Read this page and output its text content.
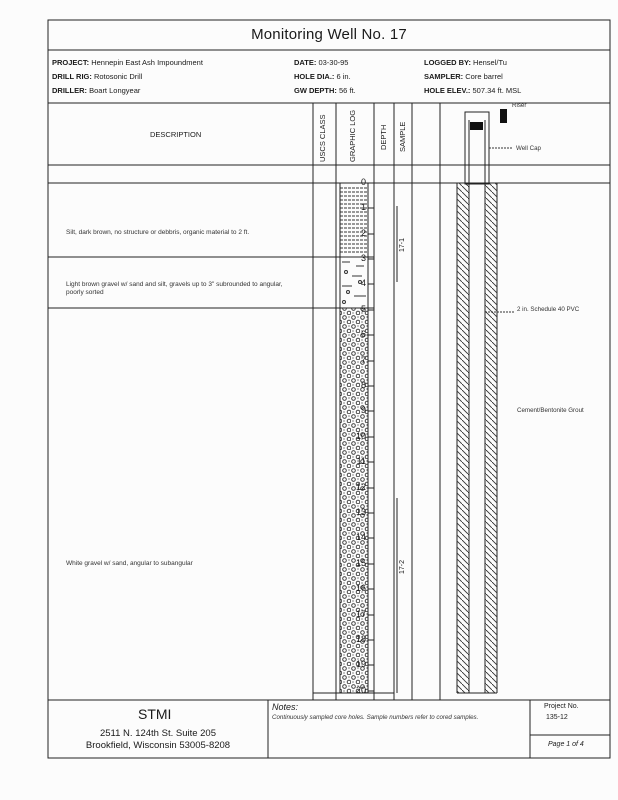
Monitoring Well No. 17
PROJECT: Hennepin East Ash Impoundment
DRILL RIG: Rotosonic Drill
DRILLER: Boart Longyear
DATE: 03-30-95
HOLE DIA.: 6 in.
GW DEPTH: 56 ft.
LOGGED BY: Hensel/Tu
SAMPLER: Core barrel
HOLE ELEV.: 507.34 ft. MSL
DESCRIPTION	USCS CLASS	GRAPHIC LOG	DEPTH SAMPLE
Silt, dark brown, no structure or debbris, organic material to 2 ft.
Light brown gravel w/ sand and silt, gravels up to 3" subrounded to angular, poorly sorted
White gravel w/ sand, angular to subangular
17-1
17-2
0
1
2
3
4
5
6
7
8
9
10
11
12
13
14
15
16
17
18
19
20
Riser
Well Cap
2 in. Schedule 40 PVC
Cement/Bentonite Grout
STMI
2511 N. 124th St. Suite 205
Brookfield, Wisconsin 53005-8208
Notes:
Continuously sampled core holes. Sample numbers refer to cored samples.
Project No.
135-12
Page 1 of 4
